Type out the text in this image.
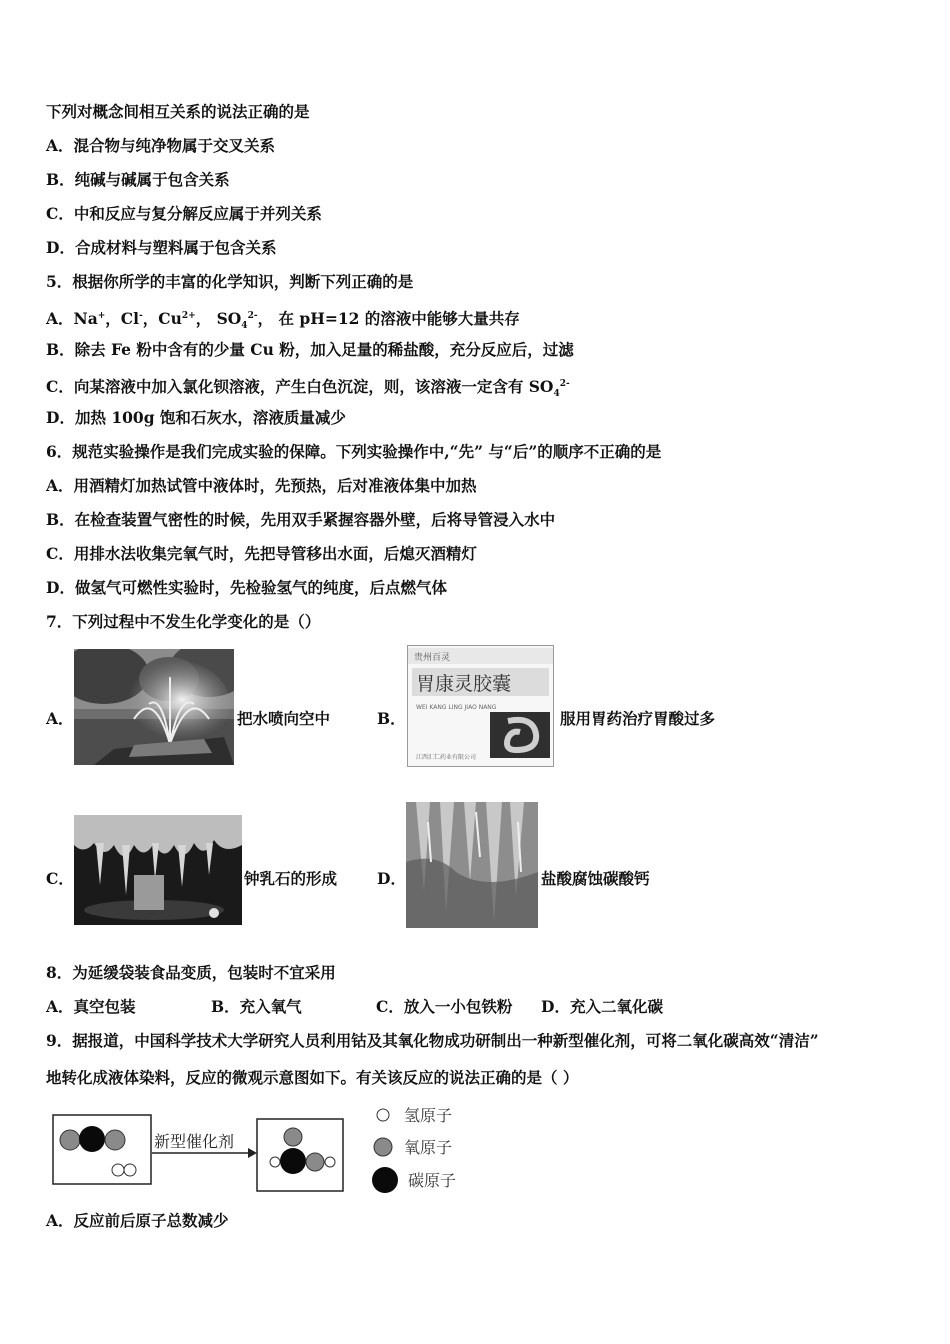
下列对概念间相互关系的说法正确的是
A．混合物与纯净物属于交叉关系
B．纯碱与碱属于包含关系
C．中和反应与复分解反应属于并列关系
D．合成材料与塑料属于包含关系
5．根据你所学的丰富的化学知识，判断下列正确的是
A．Na+，Cl-，$Cu^{2+}$， $SO_4^{2-}$， 在 pH=12 的溶液中能够大量共存
B．除去 Fe 粉中含有的少量 Cu 粉，加入足量的稀盐酸，充分反应后，过滤
C．向某溶液中加入氯化钡溶液，产生白色沉淀，则，该溶液一定含有 $SO_4^{2-}$
D．加热 100g 饱和石灰水，溶液质量减少
6．规范实验操作是我们完成实验的保障。下列实验操作中,“先” 与“后”的顺序不正确的是
A．用酒精灯加热试管中液体时，先预热，后对准液体集中加热
B．在检查装置气密性的时候，先用双手紧握容器外壁，后将导管浸入水中
C．用排水法收集完氧气时，先把导管移出水面，后熄灭酒精灯
D．做氢气可燃性实验时，先检验氢气的纯度，后点燃气体
7．下列过程中不发生化学变化的是（）
A．	把水喷向空中	B．
贵州百灵
胃康灵胶囊
WEI KANG LING JIAO NANG
江西汇仁药业有限公司
服用胃药治疗胃酸过多
C．	钟乳石的形成	D．	盐酸腐蚀碳酸钙
8．为延缓袋装食品变质，包装时不宜采用
A．真空包装	B．充入氧气	C．放入一小包铁粉 D．充入二氧化碳
9．据报道，中国科学技术大学研究人员利用钴及其氧化物成功研制出一种新型催化剂，可将二氧化碳高效“清洁”
地转化成液体染料，反应的微观示意图如下。有关该反应的说法正确的是（ ）
新型催化剂
氢原子
氧原子
碳原子
A．反应前后原子总数减少
